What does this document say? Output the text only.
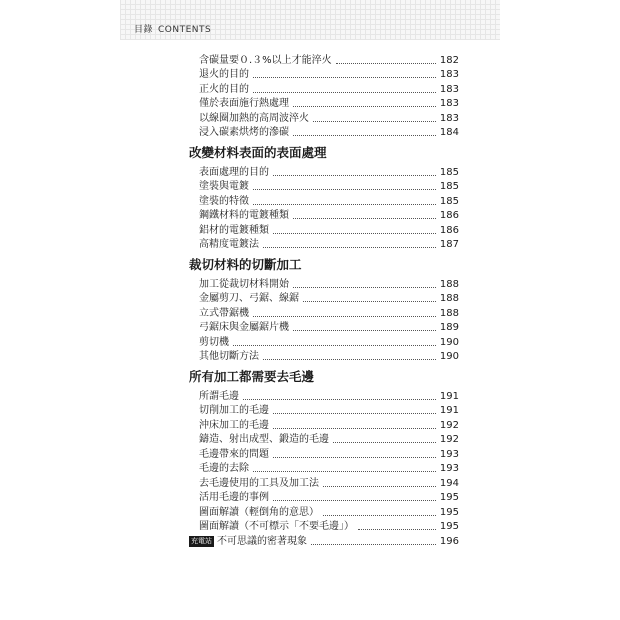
目錄 CONTENTS
含碳量要０.３%以上才能淬火	182
退火的目的	183
正火的目的	183
僅於表面施行熱處理	183
以線圈加熱的高周波淬火	183
浸入碳素烘烤的滲碳	184
改變材料表面的表面處理
表面處理的目的	185
塗裝與電鍍	185
塗裝的特徵	185
鋼鐵材料的電鍍種類	186
鋁材的電鍍種類	186
高精度電鍍法	187
裁切材料的切斷加工
加工從裁切材料開始	188
金屬剪刀、弓鋸、線鋸	188
立式帶鋸機	188
弓鋸床與金屬鋸片機	189
剪切機	190
其他切斷方法	190
所有加工都需要去毛邊
所謂毛邊	191
切削加工的毛邊	191
沖床加工的毛邊	192
鑄造、射出成型、鍛造的毛邊	192
毛邊帶來的問題	193
毛邊的去除	193
去毛邊使用的工具及加工法	194
活用毛邊的事例	195
圖面解讀（輕倒角的意思）	195
圖面解讀（不可標示「不要毛邊」）	195
充電站 不可思議的密著現象	196
